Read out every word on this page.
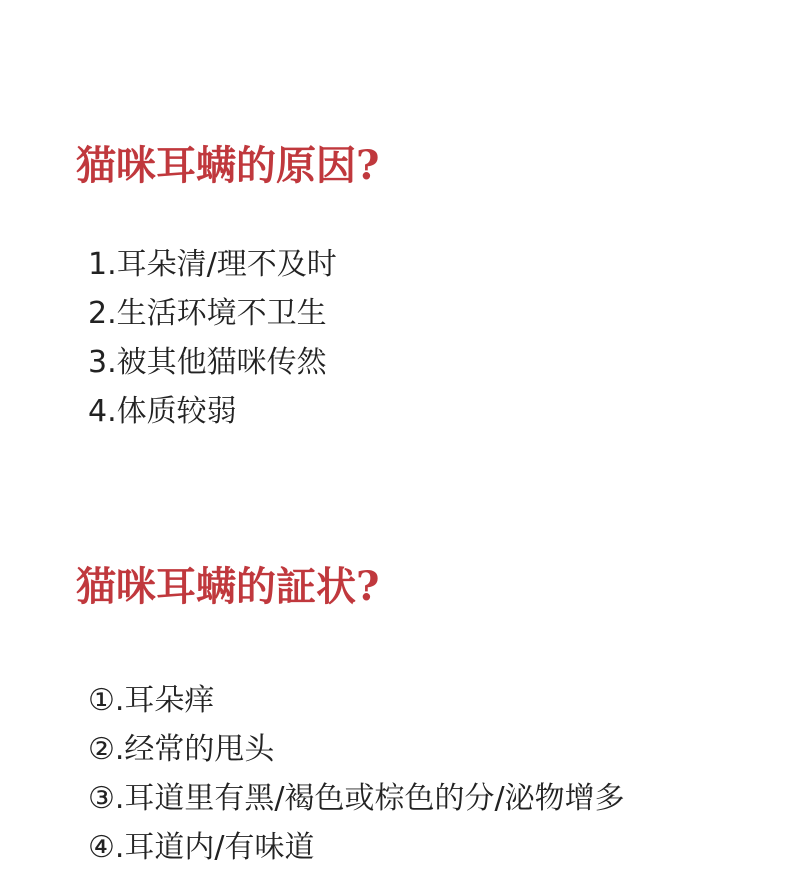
猫咪耳螨的原因?
1.耳朵清/理不及时
2.生活环境不卫生
3.被其他猫咪传然
4.体质较弱
猫咪耳螨的証状?
①.耳朵痒
②.经常的甩头
③.耳道里有黑/褐色或棕色的分/泌物增多
④.耳道内/有味道
